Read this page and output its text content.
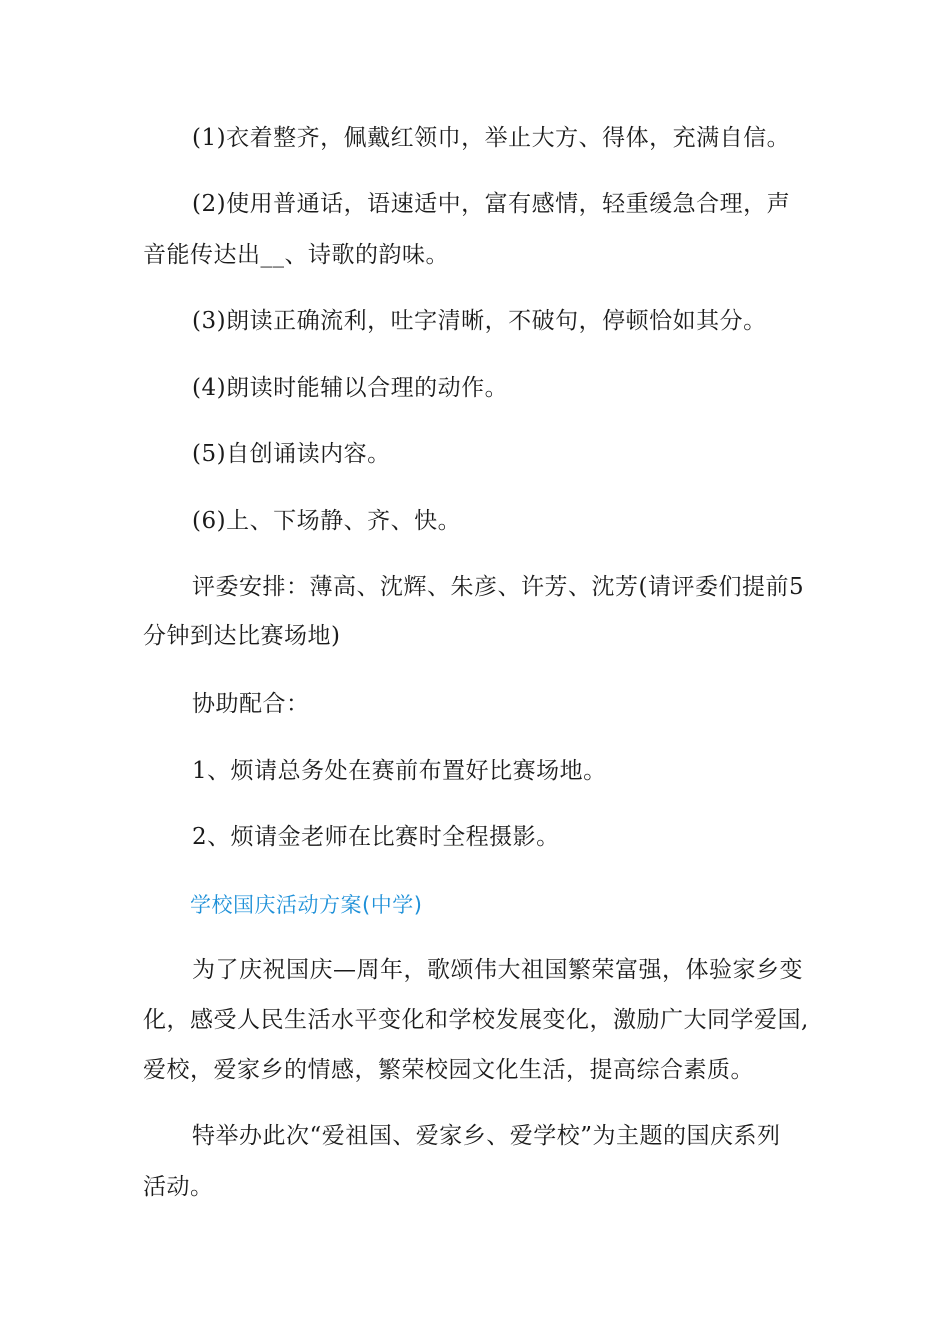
(1)衣着整齐，佩戴红领巾，举止大方、得体，充满自信。
(2)使用普通话，语速适中，富有感情，轻重缓急合理，声
音能传达出__、诗歌的韵味。
(3)朗读正确流利，吐字清晰，不破句，停顿恰如其分。
(4)朗读时能辅以合理的动作。
(5)自创诵读内容。
(6)上、下场静、齐、快。
评委安排：薄高、沈辉、朱彦、许芳、沈芳(请评委们提前5
分钟到达比赛场地)
协助配合：
1、烦请总务处在赛前布置好比赛场地。
2、烦请金老师在比赛时全程摄影。
学校国庆活动方案(中学)
为了庆祝国庆—周年，歌颂伟大祖国繁荣富强，体验家乡变
化，感受人民生活水平变化和学校发展变化，激励广大同学爱国,
爱校，爱家乡的情感，繁荣校园文化生活，提高综合素质。
特举办此次“爱祖国、爱家乡、爱学校”为主题的国庆系列
活动。
